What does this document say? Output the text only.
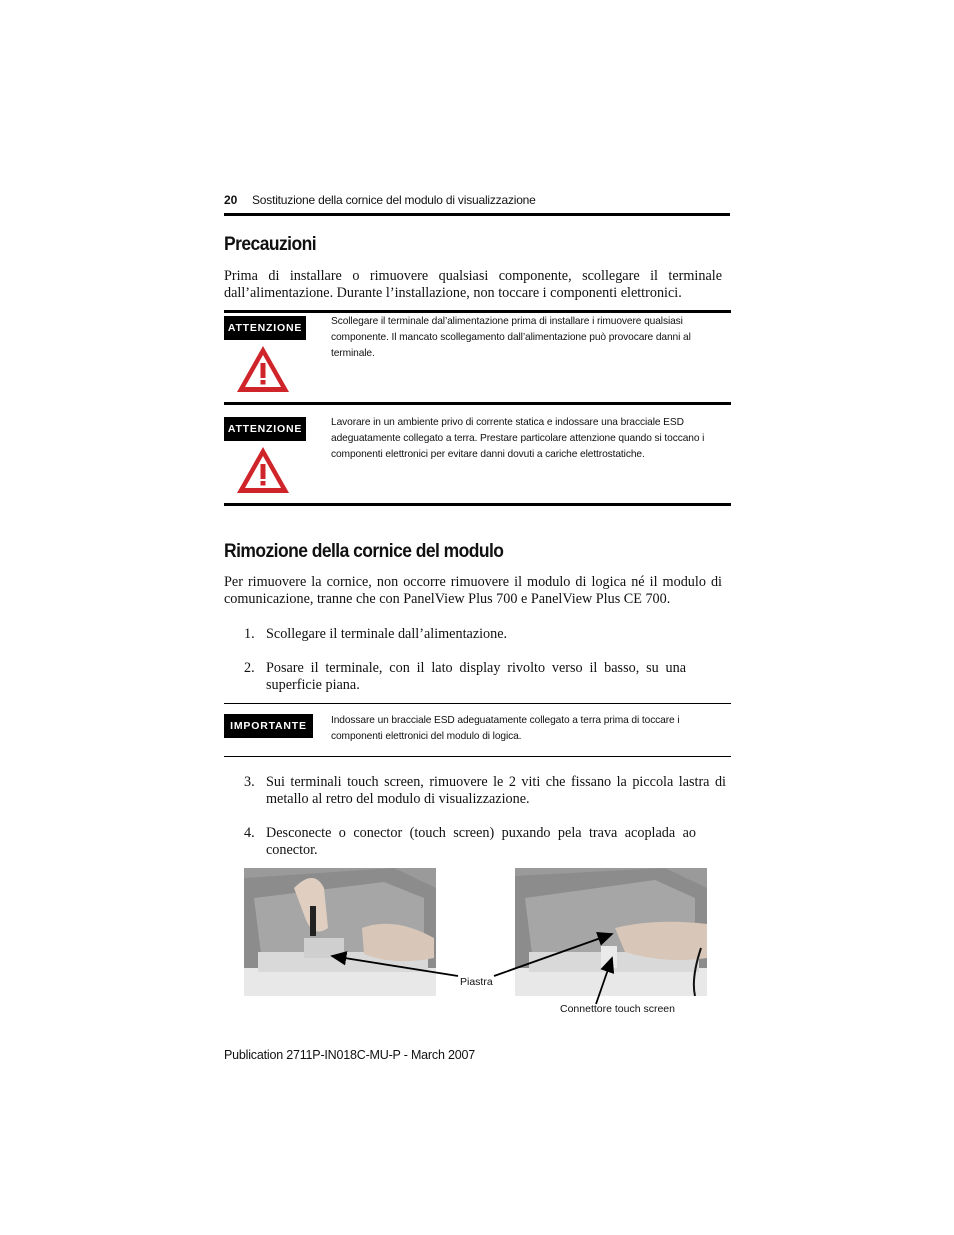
20 Sostituzione della cornice del modulo di visualizzazione
Precauzioni
Prima di installare o rimuovere qualsiasi componente, scollegare il terminale dall’alimentazione. Durante l’installazione, non toccare i componenti elettronici.
ATTENZIONE
Scollegare il terminale dal’alimentazione prima di installare i rimuovere qualsiasi componente. Il mancato scollegamento dall’alimentazione può provocare danni al terminale.
ATTENZIONE
Lavorare in un ambiente privo di corrente statica e indossare una bracciale ESD adeguatamente collegato a terra. Prestare particolare attenzione quando si toccano i componenti elettronici per evitare danni dovuti a cariche elettrostatiche.
Rimozione della cornice del modulo
Per rimuovere la cornice, non occorre rimuovere il modulo di logica né il modulo di comunicazione, tranne che con PanelView Plus 700 e PanelView Plus CE 700.
1. Scollegare il terminale dall’alimentazione.
2. Posare il terminale, con il lato display rivolto verso il basso, su una superficie piana.
IMPORTANTE	Indossare un bracciale ESD adeguatamente collegato a terra prima di toccare i componenti elettronici del modulo di logica.
3. Sui terminali touch screen, rimuovere le 2 viti che fissano la piccola lastra di metallo al retro del modulo di visualizzazione.
4. Desconecte o conector (touch screen) puxando pela trava acoplada ao conector.
Piastra
Connettore touch screen
Publication 2711P-IN018C-MU-P - March 2007
